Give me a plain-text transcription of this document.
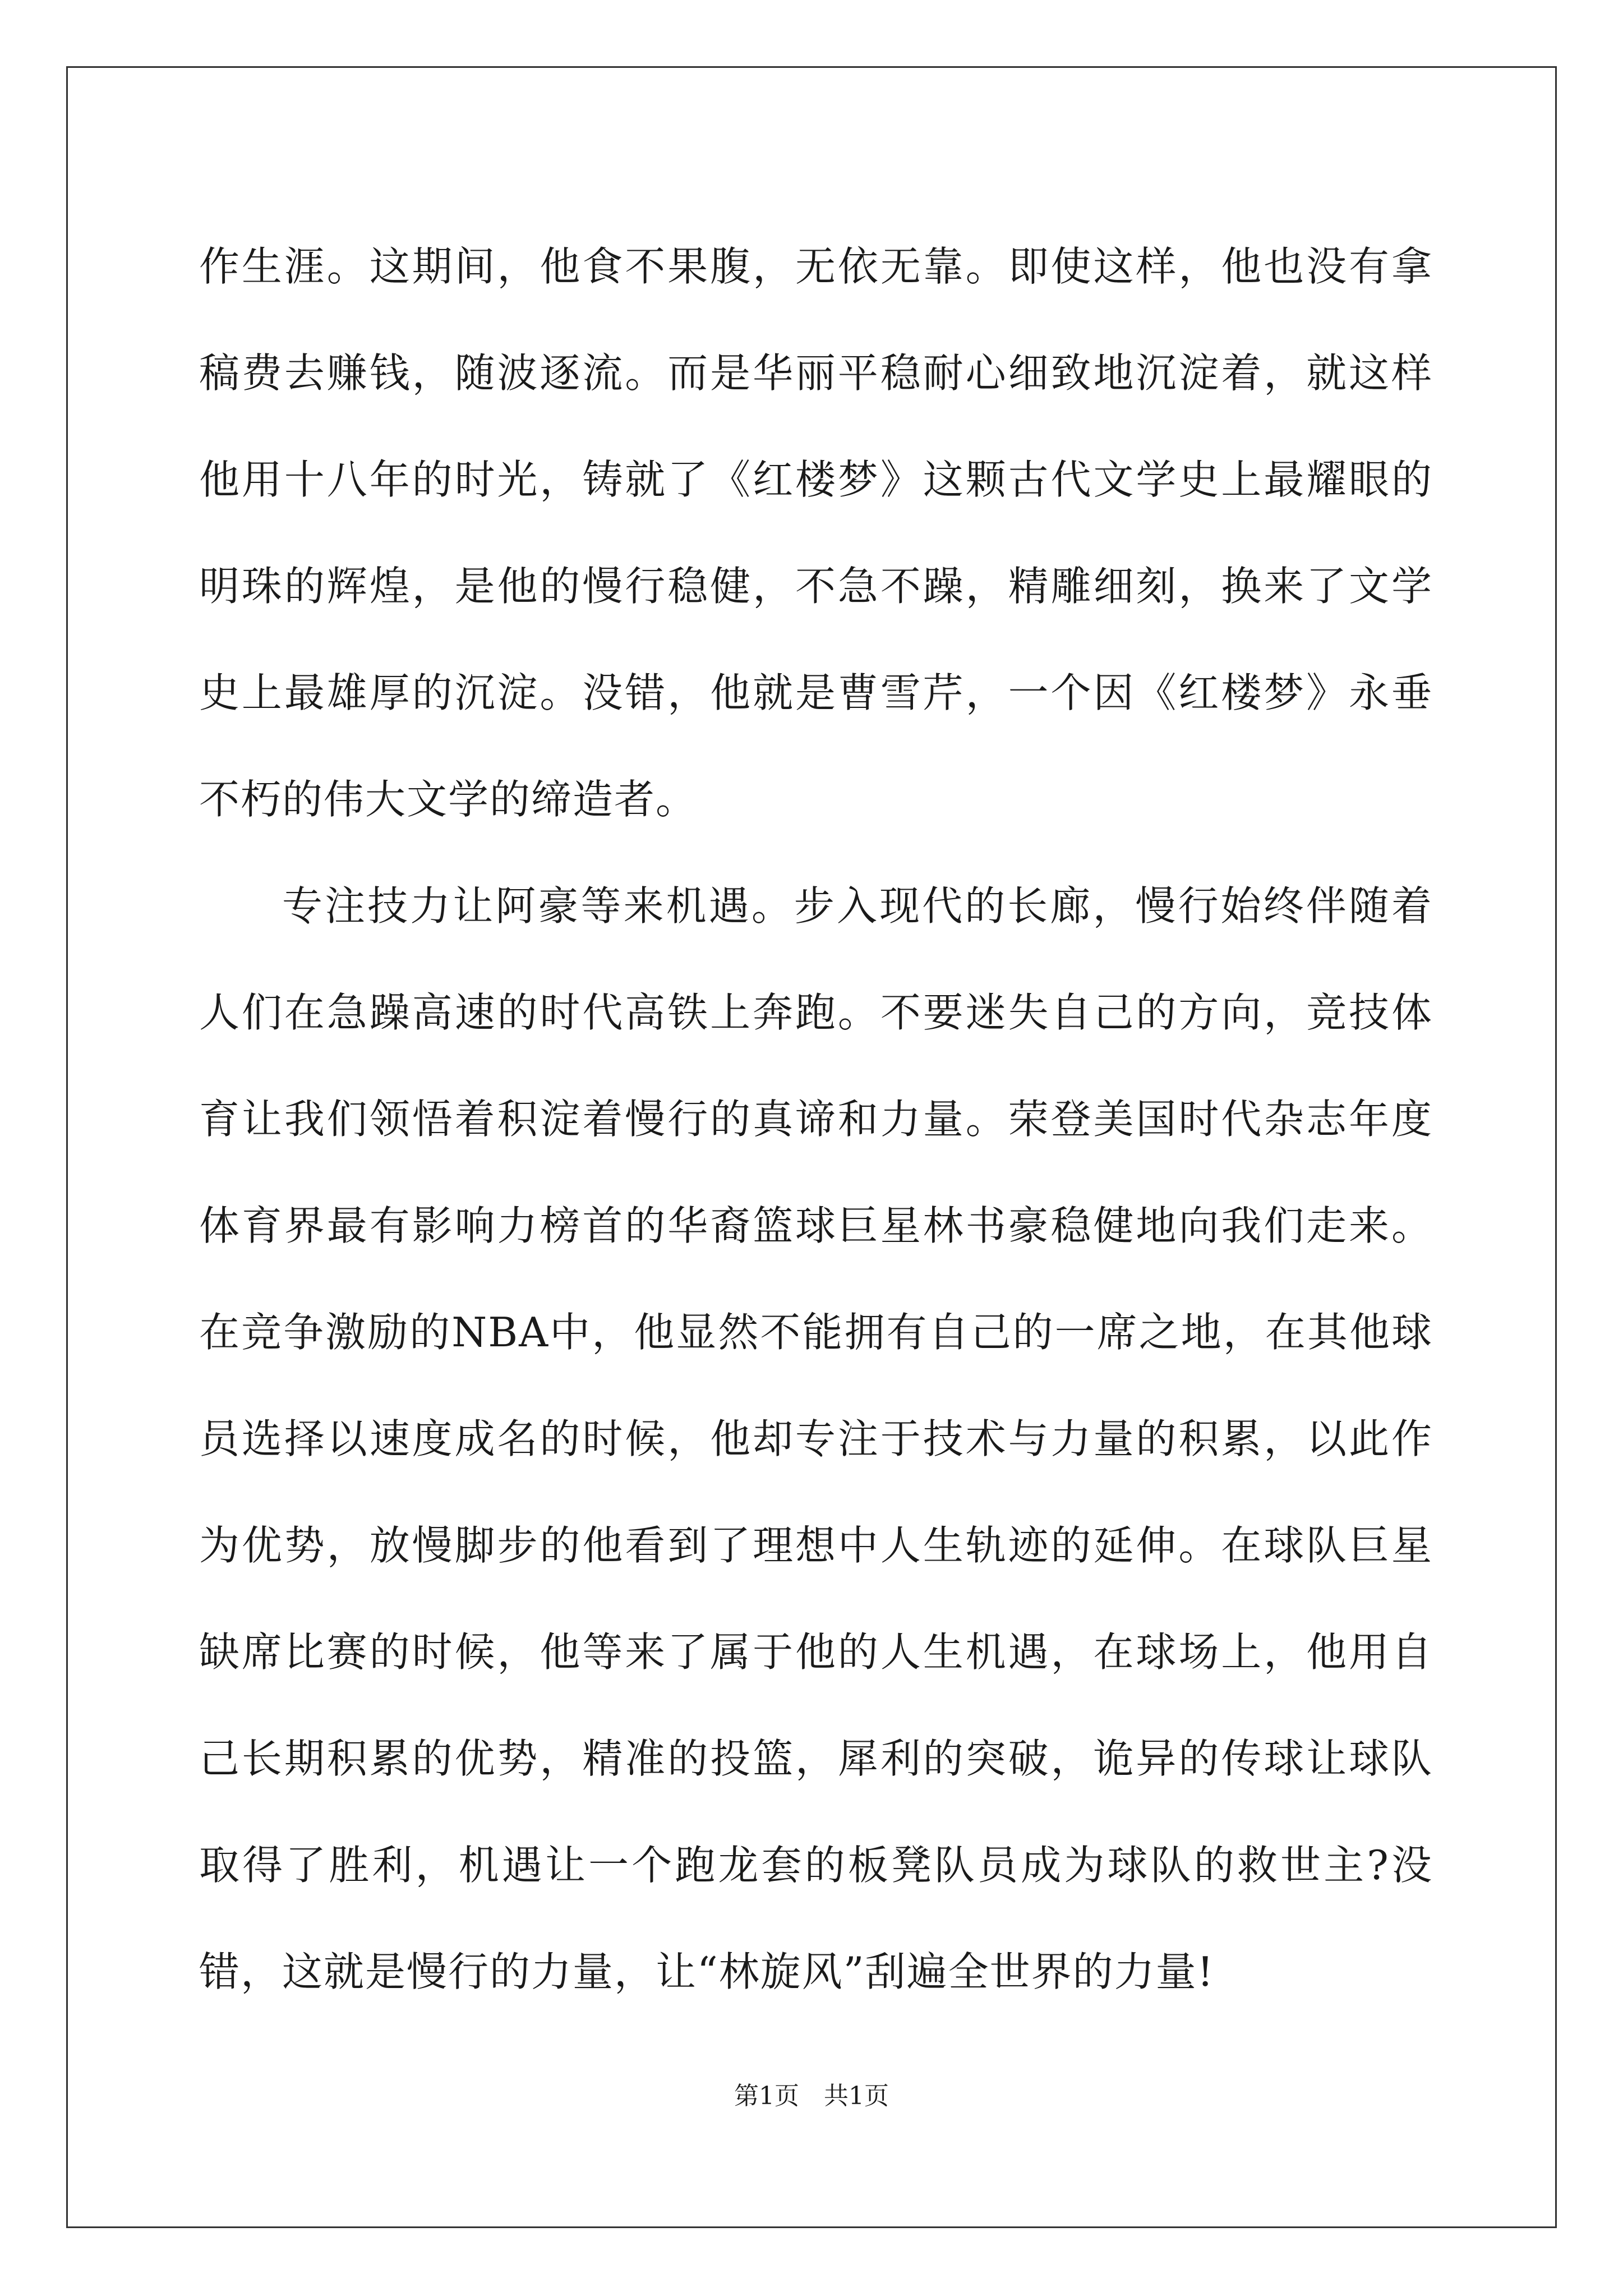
作生涯。这期间，他食不果腹，无依无靠。即使这样，他也没有拿稿费去赚钱，随波逐流。而是华丽平稳耐心细致地沉淀着，就这样他用十八年的时光，铸就了《红楼梦》这颗古代文学史上最耀眼的明珠的辉煌，是他的慢行稳健，不急不躁，精雕细刻，换来了文学史上最雄厚的沉淀。没错，他就是曹雪芹，一个因《红楼梦》永垂不朽的伟大文学的缔造者。

专注技力让阿豪等来机遇。步入现代的长廊，慢行始终伴随着人们在急躁高速的时代高铁上奔跑。不要迷失自己的方向，竞技体育让我们领悟着积淀着慢行的真谛和力量。荣登美国时代杂志年度体育界最有影响力榜首的华裔篮球巨星林书豪稳健地向我们走来。在竞争激励的NBA中，他显然不能拥有自己的一席之地，在其他球员选择以速度成名的时候，他却专注于技术与力量的积累，以此作为优势，放慢脚步的他看到了理想中人生轨迹的延伸。在球队巨星缺席比赛的时候，他等来了属于他的人生机遇，在球场上，他用自己长期积累的优势，精准的投篮，犀利的突破，诡异的传球让球队取得了胜利，机遇让一个跑龙套的板凳队员成为球队的救世主?没错，这就是慢行的力量，让“林旋风”刮遍全世界的力量!

第1页 共1页
